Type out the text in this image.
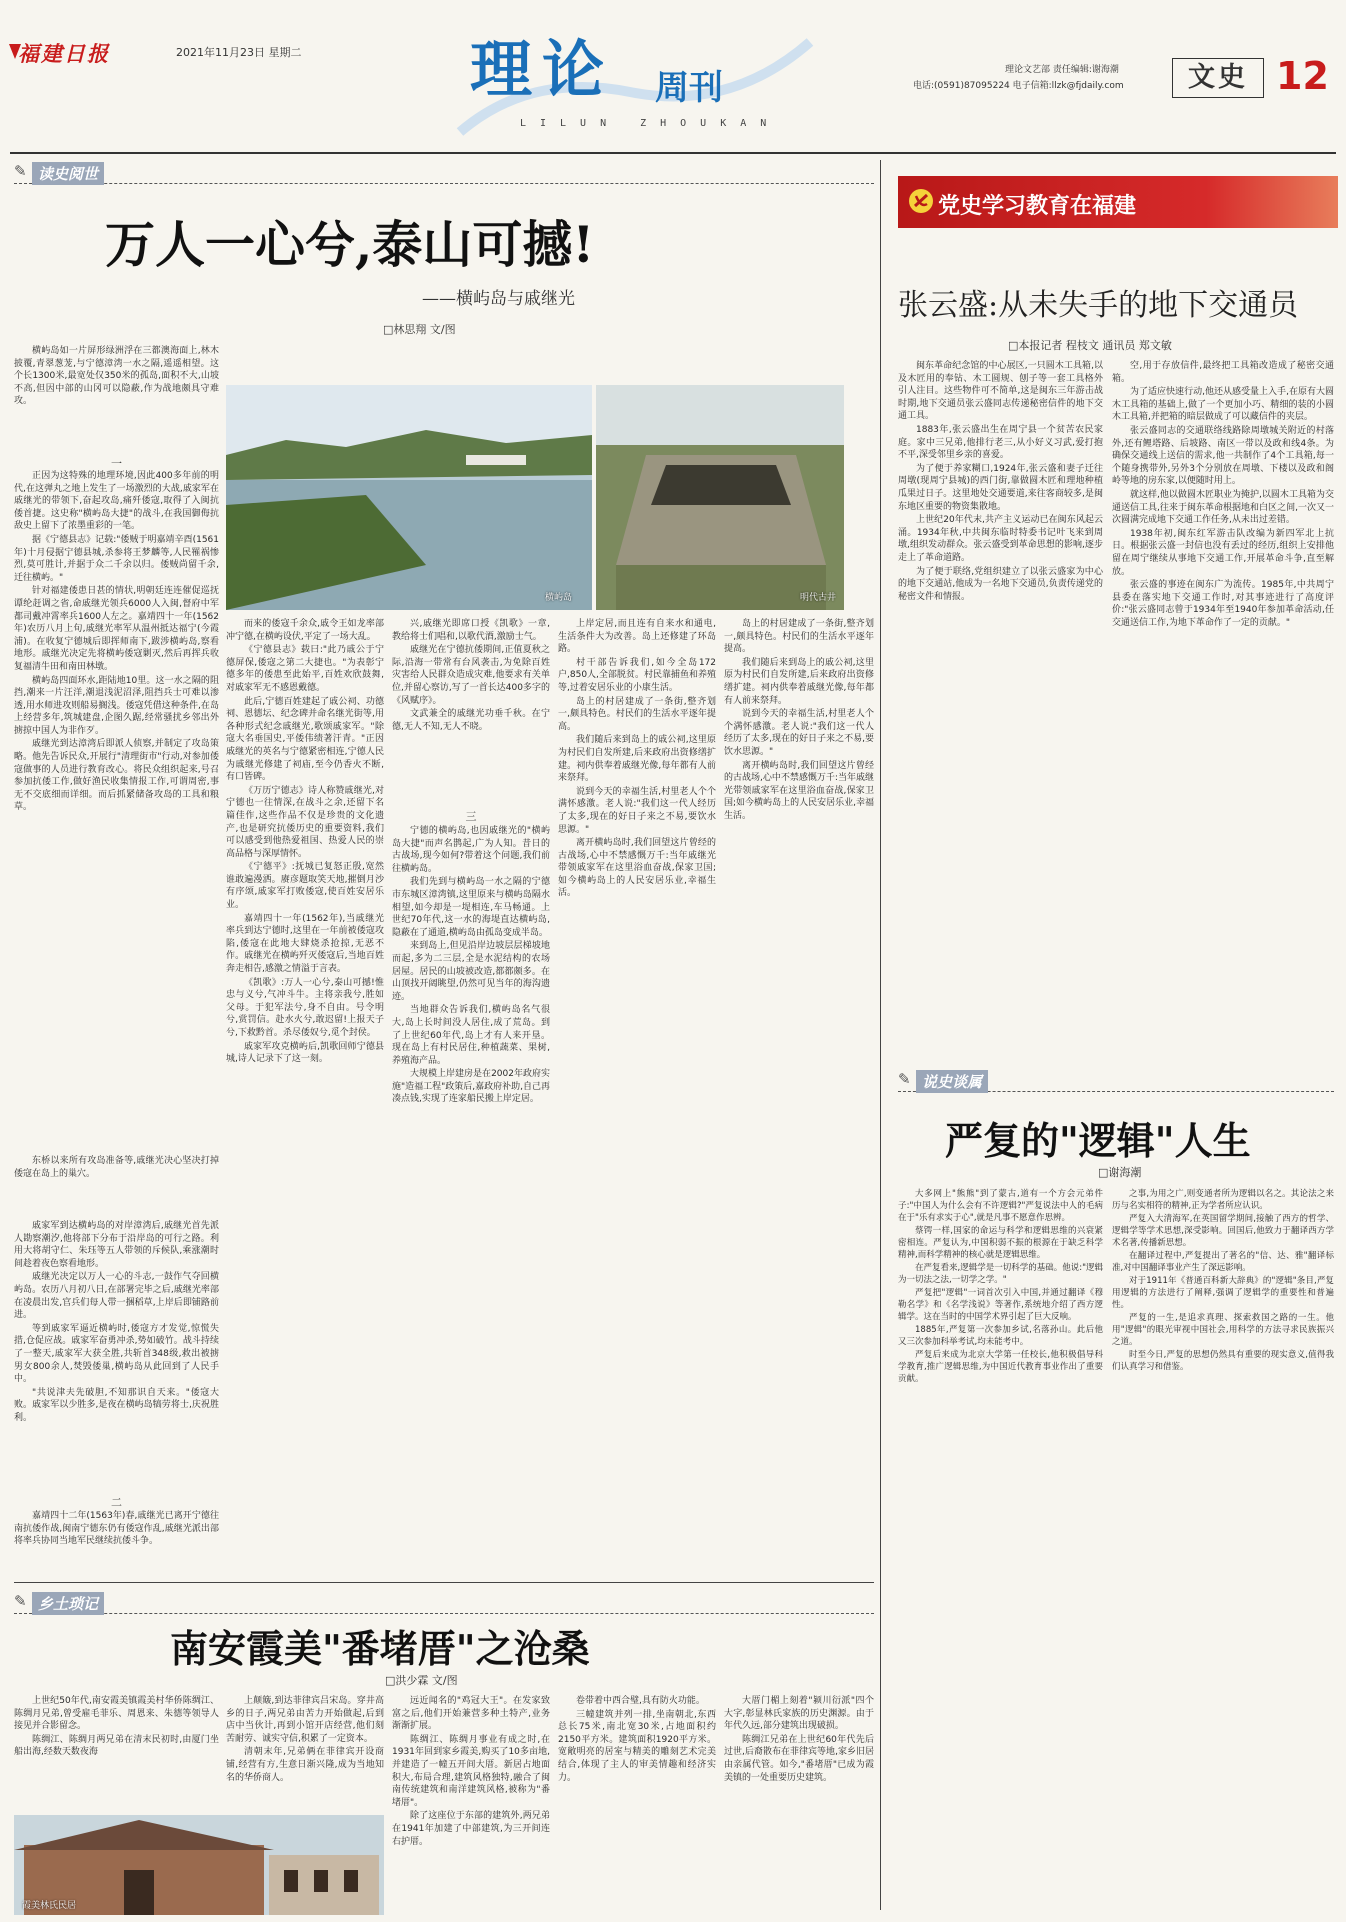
福建日报	2021年11月23日 星期二	理论 周刊
LILUN ZHOUKAN
理论文艺部 责任编辑:谢海潮
电话:(0591)87095224 电子信箱:llzk@fjdaily.com	文史 12
✎ 读史阅世
万人一心兮,泰山可撼!
——横屿岛与戚继光
□林思翔 文/图
横屿岛	明代古井

横屿岛如一片屏形绿洲浮在三都澳海面上,林木披覆,青翠葱茏,与宁德漳湾一水之隔,遥遥相望。这个长1300米,最宽处仅350米的孤岛,面积不大,山坡不高,但因中部的山冈可以隐蔽,作为战地颇具守难攻。

一

正因为这特殊的地理环境,因此400多年前的明代,在这弹丸之地上发生了一场激烈的大战,戚家军在戚继光的带领下,奋起攻岛,痛歼倭寇,取得了入闽抗倭首捷。这史称"横屿岛大捷"的战斗,在我国御侮抗敌史上留下了浓墨重彩的一笔。

据《宁德县志》记载:"倭贼于明嘉靖辛酉(1561年)十月侵据宁德县城,杀参将王梦麟等,人民罹祸惨烈,莫可胜计,并据于众二千余以归。倭贼尚留千余,迁往横屿。"

针对福建倭患日甚的情状,明朝廷连连催促巡抚谭纶赶调之省,命戚继光领兵6000人入闽,督府中军都司戴冲霄率兵1600人左之。嘉靖四十一年(1562年)农历八月上旬,戚继光率军从温州抵达福宁(今霞浦)。在收复宁德城后即挥师南下,跋涉横屿岛,察看地形。戚继光决定先将横屿倭寇剿灭,然后再挥兵收复福清牛田和南田林墩。

横屿岛四面环水,距陆地10里。这一水之隔的阻挡,潮来一片汪洋,潮退浅泥沼泽,阻挡兵士可难以渗透,用水师进攻则船易搁浅。倭寇凭借这种条件,在岛上经营多年,筑城建盘,企图久踞,经常骚扰乡邻出外掳掠中国人为非作歹。

戚继光到达漳湾后即派人侦察,并制定了攻岛策略。他先告诉民众,开展行"清理街市"行动,对参加倭寇做事的人员进行教育改心。将民众组织起来,号召参加抗倭工作,做好渔民收集情报工作,可谓周密,事无不交底细而详细。而后抓紧储备攻岛的工具和粮草。

东桥以来所有攻岛准备等,戚继光决心坚决打掉倭寇在岛上的巢穴。

戚家军到达横屿岛的对岸漳湾后,戚继光首先派人勘察潮汐,他将部下分布于沿岸岛的可行之路。利用大将胡守仁、朱珏等五人带领的斥候队,乘涨潮时间趁着夜色察看地形。

戚继光决定以万人一心的斗志,一鼓作气夺回横屿岛。农历八月初八日,在部署完毕之后,戚继光率部在凌晨出发,官兵们每人带一捆稻草,上岸后即铺路前进。

等到戚家军逼近横屿时,倭寇方才发觉,惊慌失措,仓促应战。戚家军奋勇冲杀,势如破竹。战斗持续了一整天,戚家军大获全胜,共斩首348级,救出被掳男女800余人,焚毁倭巢,横屿岛从此回到了人民手中。

"共说津夫先破胆,不知那识自天来。"倭寇大败。戚家军以少胜多,是夜在横屿岛犒劳将士,庆祝胜利。

二

嘉靖四十二年(1563年)春,戚继光已离开宁德往南抗倭作战,闽南宁德东仍有倭寇作乱,戚继光派出部将率兵协同当地军民继续抗倭斗争。

而来的倭寇千余众,戚令王如龙率部冲宁德,在横屿设伏,平定了一场大乱。

《宁德县志》载曰:"此乃戚公于宁德屏保,倭寇之第二大捷也。"为表彰宁德多年的倭患至此始平,百姓欢欣鼓舞,对戚家军无不感恩戴德。

此后,宁德百姓建起了戚公祠、功德祠、恩德坛、纪念碑并命名继光街等,用各种形式纪念戚继光,歌颂戚家军。"除寇大名垂国史,平倭伟绩著汗青。"正因戚继光的英名与宁德紧密相连,宁德人民为戚继光修建了祠庙,至今仍香火不断,有口皆碑。

《万历宁德志》诗人称赞戚继光,对宁德也一往情深,在战斗之余,还留下名篇佳作,这些作品不仅是珍贵的文化遗产,也是研究抗倭历史的重要资料,我们可以感受到他热爱祖国、热爱人民的崇高品格与深厚情怀。

《宁德平》:抚城已复怒正殷,宽然谁敢遍漫洒。赓彦题取笑天地,摧倒月沙有序颂,戚家军打败倭寇,使百姓安居乐业。

嘉靖四十一年(1562年),当戚继光率兵到达宁德时,这里在一年前被倭寇攻陷,倭寇在此地大肆烧杀抢掠,无恶不作。戚继光在横屿歼灭倭寇后,当地百姓奔走相告,感激之情溢于言表。

《凯歌》:万人一心兮,泰山可撼!惟忠与义兮,气冲斗牛。主将亲我兮,胜如父母。于犯军法兮,身不自由。号令明兮,赏罚信。赴水火兮,敢迟留!上报天子兮,下救黔首。杀尽倭奴兮,觅个封侯。

戚家军攻克横屿后,凯歌回师宁德县城,诗人记录下了这一刻。

兴,戚继光即席口授《凯歌》一章,教给将士们唱和,以歌代酒,激励士气。

戚继光在宁德抗倭期间,正值夏秋之际,沿海一带常有台风袭击,为免除百姓灾害给人民群众造成灾难,他要求有关单位,并留心察访,写了一首长达400多字的《风赋序》。

文武兼全的戚继光功垂千秋。在宁德,无人不知,无人不晓。

三

宁德的横屿岛,也因戚继光的"横屿岛大捷"而声名鹊起,广为人知。昔日的古战场,现今如何?带着这个问题,我们前往横屿岛。

我们先到与横屿岛一水之隔的宁德市东城区漳湾镇,这里原来与横屿岛隔水相望,如今却是一堤相连,车马畅通。上世纪70年代,这一水的海堤直达横屿岛,隐蔽在了通道,横屿岛由孤岛变成半岛。

来到岛上,但见沿岸边坡层层梯坡地而起,多为二三层,全是水泥结构的农场居屋。居民的山坡被改造,都都颇多。在山顶找开阔眺望,仍然可见当年的海沟遗迹。

当地群众告诉我们,横屿岛名气很大,岛上长时间没人居住,成了荒岛。到了上世纪60年代,岛上才有人来开垦。现在岛上有村民居住,种植蔬菜、果树,养殖海产品。

大规模上岸建房是在2002年政府实施"造福工程"政策后,嘉政府补助,自己再凑点钱,实现了连家船民搬上岸定居。

上岸定居,而且连有自来水和通电,生活条件大为改善。岛上还修建了环岛路。

村干部告诉我们,如今全岛172户,850人,全部脱贫。村民靠捕鱼和养殖等,过着安居乐业的小康生活。

岛上的村居建成了一条街,整齐划一,颇具特色。村民们的生活水平逐年提高。

我们随后来到岛上的戚公祠,这里原为村民们自发所建,后来政府出资修缮扩建。祠内供奉着戚继光像,每年都有人前来祭拜。

说到今天的幸福生活,村里老人个个满怀感激。老人说:"我们这一代人经历了太多,现在的好日子来之不易,要饮水思源。"

离开横屿岛时,我们回望这片曾经的古战场,心中不禁感慨万千:当年戚继光带领戚家军在这里浴血奋战,保家卫国;如今横屿岛上的人民安居乐业,幸福生活。

岛上的村居建成了一条街,整齐划一,颇具特色。村民们的生活水平逐年提高。

我们随后来到岛上的戚公祠,这里原为村民们自发所建,后来政府出资修缮扩建。祠内供奉着戚继光像,每年都有人前来祭拜。

说到今天的幸福生活,村里老人个个满怀感激。老人说:"我们这一代人经历了太多,现在的好日子来之不易,要饮水思源。"

离开横屿岛时,我们回望这片曾经的古战场,心中不禁感慨万千:当年戚继光带领戚家军在这里浴血奋战,保家卫国;如今横屿岛上的人民安居乐业,幸福生活。

✎ 乡土琐记
南安霞美"番堵厝"之沧桑
□洪少霖 文/图

上世纪50年代,南安霞美镇霞美村华侨陈绸江、陈绸月兄弟,曾受雇毛菲乐、周恩来、朱德等领导人接见并合影留念。

陈绸江、陈绸月两兄弟在清末民初时,由厦门坐船出海,经数天数夜海

上颠簸,到达菲律宾吕宋岛。穿井高乡的日子,两兄弟由苦力开始做起,后到店中当伙计,再到小馆开店经营,他们刻苦耐劳、诚实守信,积累了一定资本。

清朝末年,兄弟俩在菲律宾开设商铺,经营有方,生意日渐兴隆,成为当地知名的华侨商人。

霞美林氏民居

远近闻名的"鸡冠大王"。在发家致富之后,他们开始兼营多种土特产,业务渐渐扩展。

陈绸江、陈绸月事业有成之时,在1931年回到家乡霞美,购买了10多亩地,并建造了一幢五开间大厝。新居占地面积大,布局合理,建筑风格独特,融合了闽南传统建筑和南洋建筑风格,被称为"番堵厝"。

除了这座位于东部的建筑外,两兄弟在1941年加建了中部建筑,为三开间连右护厝。

卷带着中西合璧,具有防火功能。

三幢建筑并列一排,坐南朝北,东西总长75米,南北宽30米,占地面积约2150平方米。建筑面积1920平方米。宽敞明亮的居室与精美的雕刻艺术完美结合,体现了主人的审美情趣和经济实力。

大厝门楣上刻着"颍川衍派"四个大字,彰显林氏家族的历史渊源。由于年代久远,部分建筑出现破损。

陈绸江兄弟在上世纪60年代先后过世,后裔散布在菲律宾等地,家乡旧居由亲属代管。如今,"番堵厝"已成为霞美镇的一处重要历史建筑。

党史学习教育在福建
张云盛:从未失手的地下交通员
□本报记者 程枝文 通讯员 郑文敏

闽东革命纪念馆的中心展区,一只圆木工具箱,以及木匠用的奉钻、木工圆规、刨子等一套工具格外引人注目。这些物件可不简单,这是闽东三年游击战时期,地下交通员张云盛同志传递秘密信件的地下交通工具。

1883年,张云盛出生在周宁县一个贫苦农民家庭。家中三兄弟,他排行老三,从小好义习武,爱打抱不平,深受邻里乡亲的喜爱。

为了便于养家糊口,1924年,张云盛和妻子迁往周墩(现周宁县城)的西门街,靠做圆木匠和理地种植瓜果过日子。这里地处交通要道,来往客商较多,是闽东地区重要的物资集散地。

上世纪20年代末,共产主义运动已在闽东风起云涌。1934年秋,中共闽东临时特委书记叶飞来到周墩,组织发动群众。张云盛受到革命思想的影响,逐步走上了革命道路。

为了便于联络,党组织建立了以张云盛家为中心的地下交通站,他成为一名地下交通员,负责传递党的秘密文件和情报。

空,用于存放信件,最终把工具箱改造成了秘密交通箱。

为了适应快速行动,他还从感受量上入手,在原有大圆木工具箱的基础上,做了一个更加小巧、精细的装的小圆木工具箱,并把箱的暗层做成了可以藏信件的夹层。

张云盛同志的交通联络线路除周墩城关附近的村落外,还有鲤塔路、后坡路、南区一带以及政和线4条。为确保交通线上送信的需求,他一共制作了4个工具箱,每一个随身携带外,另外3个分别放在周墩、下楼以及政和阁岭等地的房东家,以便随时用上。

就这样,他以做圆木匠职业为掩护,以圆木工具箱为交通送信工具,往来于闽东革命根据地和白区之间,一次又一次圆满完成地下交通工作任务,从未出过差错。

1938年初,闽东红军游击队改编为新四军北上抗日。根据张云盛一封信也没有丢过的经历,组织上安排他留在周宁继续从事地下交通工作,开展革命斗争,直至解放。

张云盛的事迹在闽东广为流传。1985年,中共周宁县委在落实地下交通工作时,对其事迹进行了高度评价:"张云盛同志曾于1934年至1940年参加革命活动,任交通送信工作,为地下革命作了一定的贡献。"

✎ 说史谈属
严复的"逻辑"人生
□谢海潮

大多网上"熊熊"到了蒙古,道有一个方会元弟件子:"中国人为什么会有不许逻辑?"严复说法中人的毛病在于"乐有求实于心",就是凡事不愿意作思辨。

蔡锷一样,国家的命运与科学和逻辑思维的兴衰紧密相连。严复认为,中国积弱不振的根源在于缺乏科学精神,而科学精神的核心就是逻辑思维。

在严复看来,逻辑学是一切科学的基础。他说:"逻辑为一切法之法,一切学之学。"

严复把"逻辑"一词首次引入中国,并通过翻译《穆勒名学》和《名学浅说》等著作,系统地介绍了西方逻辑学。这在当时的中国学术界引起了巨大反响。

1885年,严复第一次参加乡试,名落孙山。此后他又三次参加科举考试,均未能考中。

严复后来成为北京大学第一任校长,他积极倡导科学教育,推广逻辑思维,为中国近代教育事业作出了重要贡献。

之事,为用之广,则变通者所为逻辑以名之。其论法之来历与名实相符的精神,正为学者所应认识。

严复入大清海军,在英国留学期间,接触了西方的哲学、逻辑学等学术思想,深受影响。回国后,他致力于翻译西方学术名著,传播新思想。

在翻译过程中,严复提出了著名的"信、达、雅"翻译标准,对中国翻译事业产生了深远影响。

对于1911年《普通百科新大辞典》的"逻辑"条目,严复用逻辑的方法进行了阐释,强调了逻辑学的重要性和普遍性。

严复的一生,是追求真理、探索救国之路的一生。他用"逻辑"的眼光审视中国社会,用科学的方法寻求民族振兴之道。

时至今日,严复的思想仍然具有重要的现实意义,值得我们认真学习和借鉴。
